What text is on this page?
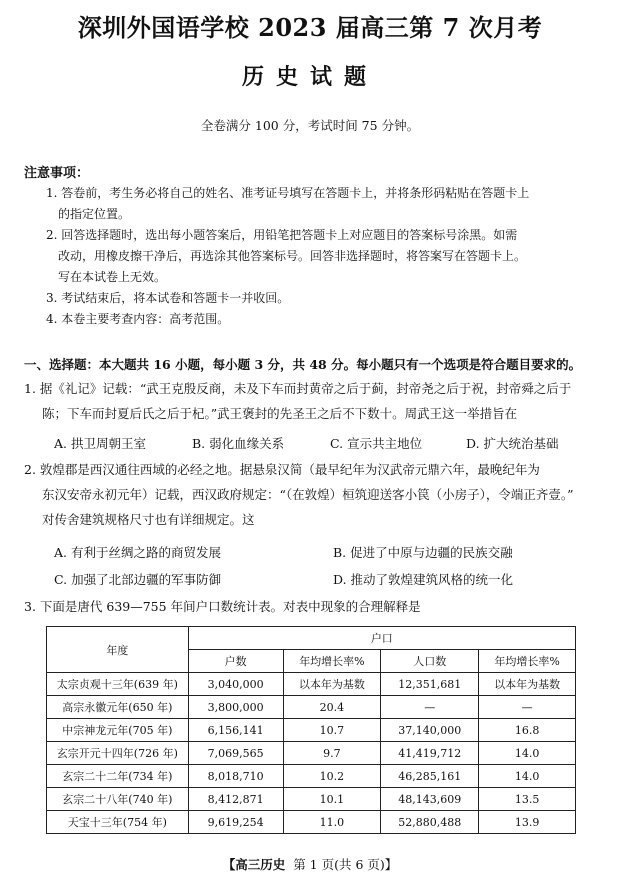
深圳外国语学校 2023 届高三第 7 次月考
历史试题
全卷满分 100 分，考试时间 75 分钟。
注意事项：

1. 答卷前，考生务必将自己的姓名、准考证号填写在答题卡上，并将条形码粘贴在答题卡上

的指定位置。

2. 回答选择题时，选出每小题答案后，用铅笔把答题卡上对应题目的答案标号涂黑。如需

改动，用橡皮擦干净后，再选涂其他答案标号。回答非选择题时，将答案写在答题卡上。

写在本试卷上无效。

3. 考试结束后，将本试卷和答题卡一并收回。

4. 本卷主要考查内容：高考范围。

一、选择题：本大题共 16 小题，每小题 3 分，共 48 分。每小题只有一个选项是符合题目要求的。
1. 据《礼记》记载：“武王克殷反商，未及下车而封黄帝之后于蓟，封帝尧之后于祝，封帝舜之后于
陈；下车而封夏后氏之后于杞。”武王褒封的先圣王之后不下数十。周武王这一举措旨在
A. 拱卫周朝王室	B. 弱化血缘关系	C. 宣示共主地位	D. 扩大统治基础
2. 敦煌郡是西汉通往西域的必经之地。据悬泉汉简（最早纪年为汉武帝元鼎六年，最晚纪年为
东汉安帝永初元年）记载，西汉政府规定：“（在敦煌）桓筑迎送客小笢（小房子），令端正齐壹。”
对传舍建筑规格尺寸也有详细规定。这
A. 有利于丝绸之路的商贸发展	B. 促进了中原与边疆的民族交融
C. 加强了北部边疆的军事防御	D. 推动了敦煌建筑风格的统一化
3. 下面是唐代 639—755 年间户口数统计表。对表中现象的合理解释是
年度	户口			
	户数	年均增长率%	人口数	年均增长率%
太宗贞观十三年(639 年)	3,040,000	以本年为基数	12,351,681	以本年为基数
高宗永徽元年(650 年)	3,800,000	20.4	—	—
中宗神龙元年(705 年)	6,156,141	10.7	37,140,000	16.8
玄宗开元十四年(726 年)	7,069,565	9.7	41,419,712	14.0
玄宗二十二年(734 年)	8,018,710	10.2	46,285,161	14.0
玄宗二十八年(740 年)	8,412,871	10.1	48,143,609	13.5
天宝十三年(754 年)	9,619,254	11.0	52,880,488	13.9
【高三历史 第 1 页(共 6 页)】
